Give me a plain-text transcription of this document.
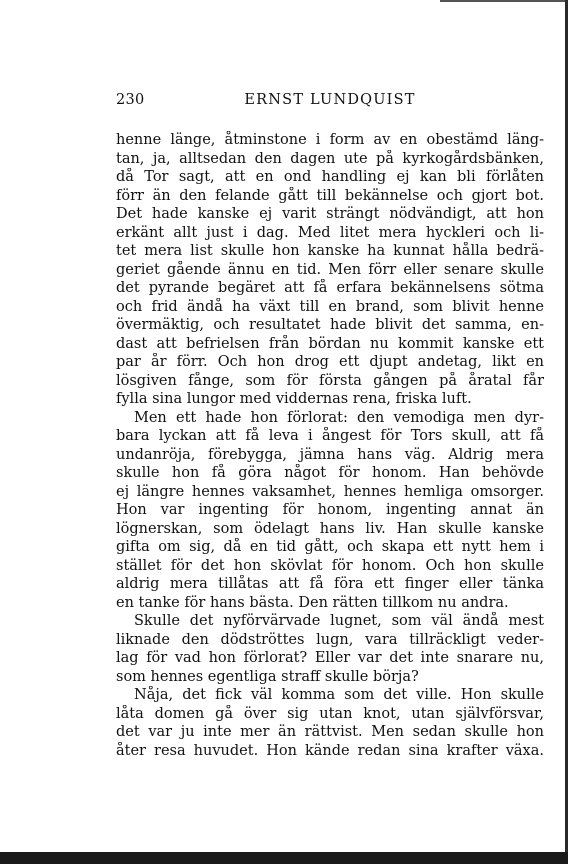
230	ERNST LUNDQUIST
henne länge, åtminstone i form av en obestämd läng-
tan, ja, alltsedan den dagen ute på kyrkogårdsbänken,
då Tor sagt, att en ond handling ej kan bli förlåten
förr än den felande gått till bekännelse och gjort bot.
Det hade kanske ej varit strängt nödvändigt, att hon
erkänt allt just i dag. Med litet mera hyckleri och li-
tet mera list skulle hon kanske ha kunnat hålla bedrä-
geriet gående ännu en tid. Men förr eller senare skulle
det pyrande begäret att få erfara bekännelsens sötma
och frid ändå ha växt till en brand, som blivit henne
övermäktig, och resultatet hade blivit det samma, en-
dast att befrielsen från bördan nu kommit kanske ett
par år förr. Och hon drog ett djupt andetag, likt en
lösgiven fånge, som för första gången på åratal får
fylla sina lungor med viddernas rena, friska luft.
Men ett hade hon förlorat: den vemodiga men dyr-
bara lyckan att få leva i ångest för Tors skull, att få
undanröja, förebygga, jämna hans väg. Aldrig mera
skulle hon få göra något för honom. Han behövde
ej längre hennes vaksamhet, hennes hemliga omsorger.
Hon var ingenting för honom, ingenting annat än
lögnerskan, som ödelagt hans liv. Han skulle kanske
gifta om sig, då en tid gått, och skapa ett nytt hem i
stället för det hon skövlat för honom. Och hon skulle
aldrig mera tillåtas att få föra ett finger eller tänka
en tanke för hans bästa. Den rätten tillkom nu andra.
Skulle det nyförvärvade lugnet, som väl ändå mest
liknade den dödströttes lugn, vara tillräckligt veder-
lag för vad hon förlorat? Eller var det inte snarare nu,
som hennes egentliga straff skulle börja?
Nåja, det fick väl komma som det ville. Hon skulle
låta domen gå över sig utan knot, utan självförsvar,
det var ju inte mer än rättvist. Men sedan skulle hon
åter resa huvudet. Hon kände redan sina krafter växa.
